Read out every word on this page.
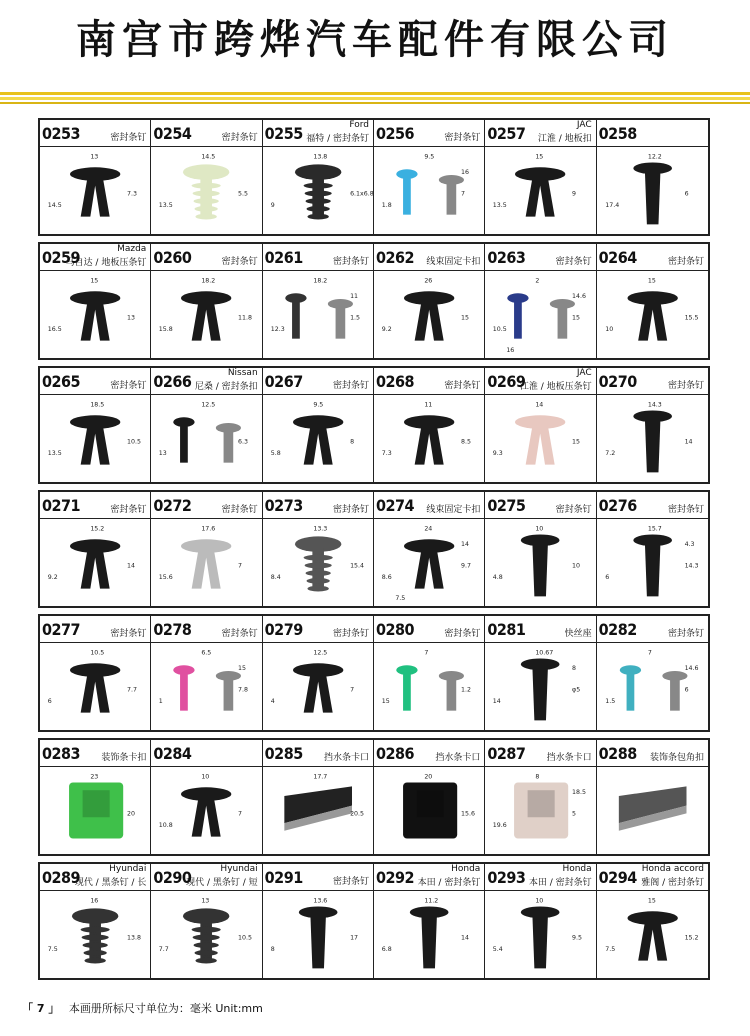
南宫市跨烨汽车配件有限公司
0253	密封条钉
13
7.3
14.5
0254	密封条钉
14.5
5.5
13.5
0255	Ford
福特 / 密封条钉
13.8
6.1x6.8
9
0256	密封条钉
9.5
7
1.8
16
0257	JAC
江淮 / 地板扣
15
9
13.5
0258
12.2
6
17.4
0259	Mazda
马自达 / 地板压条钉
15
13
16.5
0260	密封条钉
18.2
11.8
15.8
0261	密封条钉
18.2
1.5
12.3
11
0262 线束固定卡扣
26
15
9.2
0263	密封条钉
2
15
10.5
14.6
16
0264	密封条钉
15
15.5
10
0265	密封条钉
18.5
10.5
13.5
0266	Nissan
尼桑 / 密封条扣
12.5
6.3
13
0267	密封条钉
9.5
8
5.8
0268	密封条钉
11
8.5
7.3
0269	JAC
江淮 / 地板压条钉
14
15
9.3
0270	密封条钉
14.3
14
7.2
0271	密封条钉
15.2
14
9.2
0272	密封条钉
17.6
7
15.6
0273	密封条钉
13.3
15.4
8.4
0274 线束固定卡扣
24
9.7
8.6
14
7.5
0275	密封条钉
10
10
4.8
0276	密封条钉
15.7
14.3
6
4.3
0277	密封条钉
10.5
7.7
6
0278	密封条钉
6.5
7.8
1
15
0279	密封条钉
12.5
7
4
0280	密封条钉
7
1.2
15
0281	快丝座
10.67
φ5
14
8
0282	密封条钉
7
6
1.5
14.6
0283 装饰条卡扣
23
20
0284
10
7
10.8
0285 挡水条卡口
17.7
20.5
0286 挡水条卡口
20
15.6
0287 挡水条卡口
8
5
19.6
18.5
0288 装饰条包角扣
0289	Hyundai
现代 / 黑条钉 / 长
16
13.8
7.5
0290	Hyundai
现代 / 黑条钉 / 短
13
10.5
7.7
0291	密封条钉
13.6
17
8
0292	Honda
本田 / 密封条钉
11.2
14
6.8
0293	Honda
本田 / 密封条钉
10
9.5
5.4
0294 Honda accord
雅阁 / 密封条钉
15
15.2
7.5
「 7 」 本画册所标尺寸单位为：毫米 Unit:mm
